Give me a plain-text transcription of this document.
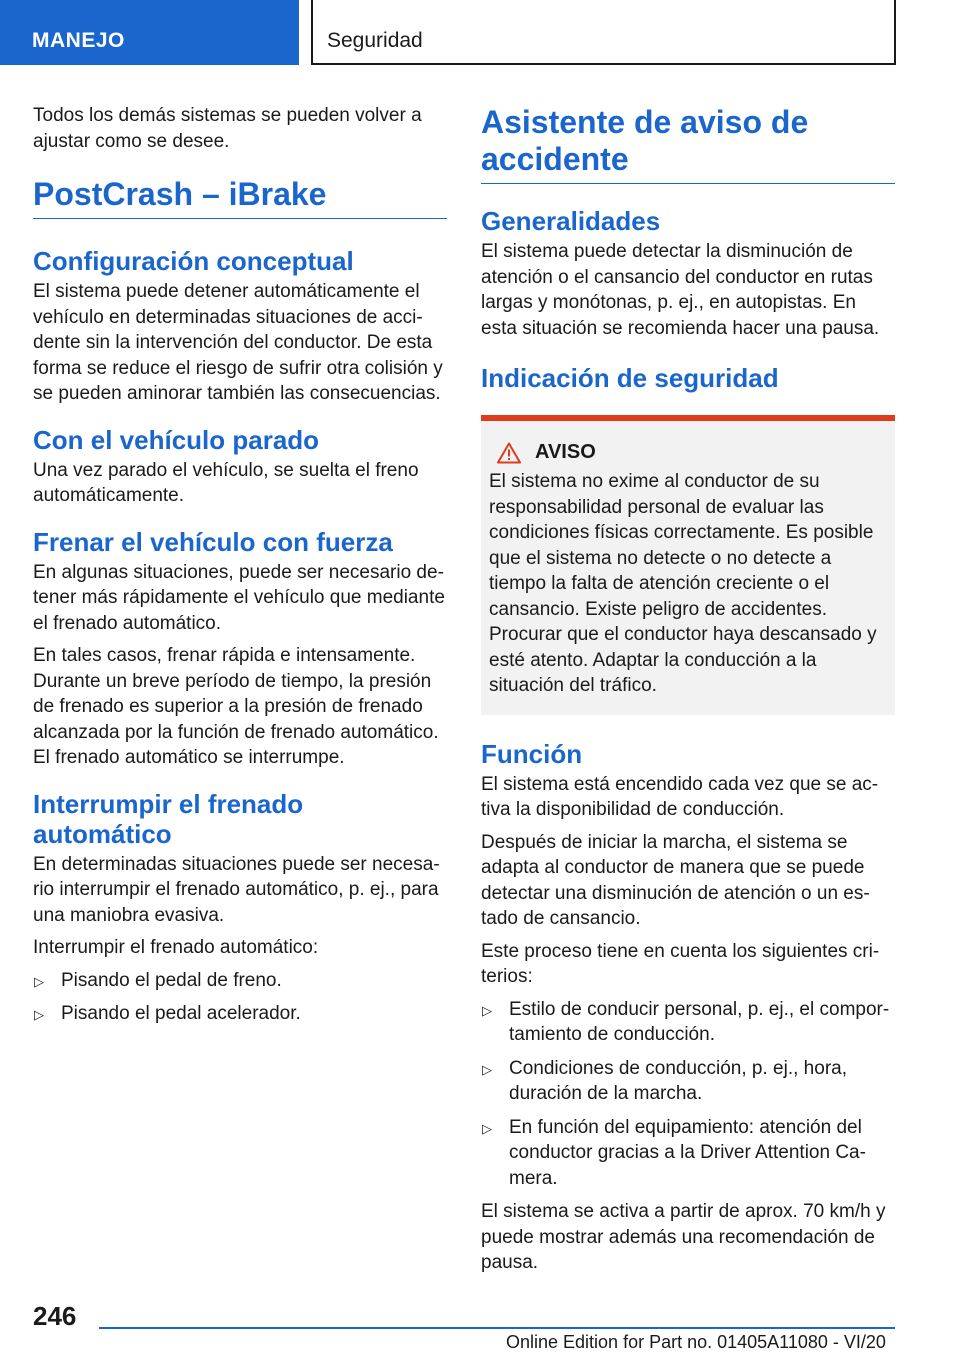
MANEJO	Seguridad

Todos los demás sistemas se pueden volver a ajustar como se desee.

PostCrash – iBrake
Configuración conceptual

El sistema puede detener automáticamente el vehículo en determinadas situaciones de accidente sin la intervención del conductor. De esta forma se reduce el riesgo de sufrir otra colisión y se pueden aminorar también las consecuencias.

Con el vehículo parado

Una vez parado el vehículo, se suelta el freno automáticamente.

Frenar el vehículo con fuerza

En algunas situaciones, puede ser necesario detener más rápidamente el vehículo que mediante el frenado automático.

En tales casos, frenar rápida e intensamente. Durante un breve período de tiempo, la presión de frenado es superior a la presión de frenado alcanzada por la función de frenado automático. El frenado automático se interrumpe.

Interrumpir el frenado automático

En determinadas situaciones puede ser necesario interrumpir el frenado automático, p. ej., para una maniobra evasiva.

Interrumpir el frenado automático:

▷ Pisando el pedal de freno.
▷ Pisando el pedal acelerador.
Asistente de aviso de accidente
Generalidades

El sistema puede detectar la disminución de atención o el cansancio del conductor en rutas largas y monótonas, p. ej., en autopistas. En esta situación se recomienda hacer una pausa.

Indicación de seguridad
AVISO

El sistema no exime al conductor de su responsabilidad personal de evaluar las condiciones físicas correctamente. Es posible que el sistema no detecte o no detecte a tiempo la falta de atención creciente o el cansancio. Existe peligro de accidentes. Procurar que el conductor haya descansado y esté atento. Adaptar la conducción a la situación del tráfico.

Función

El sistema está encendido cada vez que se activa la disponibilidad de conducción.

Después de iniciar la marcha, el sistema se adapta al conductor de manera que se puede detectar una disminución de atención o un estado de cansancio.

Este proceso tiene en cuenta los siguientes criterios:

▷ Estilo de conducir personal, p. ej., el comportamiento de conducción.
▷ Condiciones de conducción, p. ej., hora, duración de la marcha.
▷ En función del equipamiento: atención del conductor gracias a la Driver Attention Camera.

El sistema se activa a partir de aprox. 70 km/h y puede mostrar además una recomendación de pausa.

246
Online Edition for Part no. 01405A11080 - VI/20
